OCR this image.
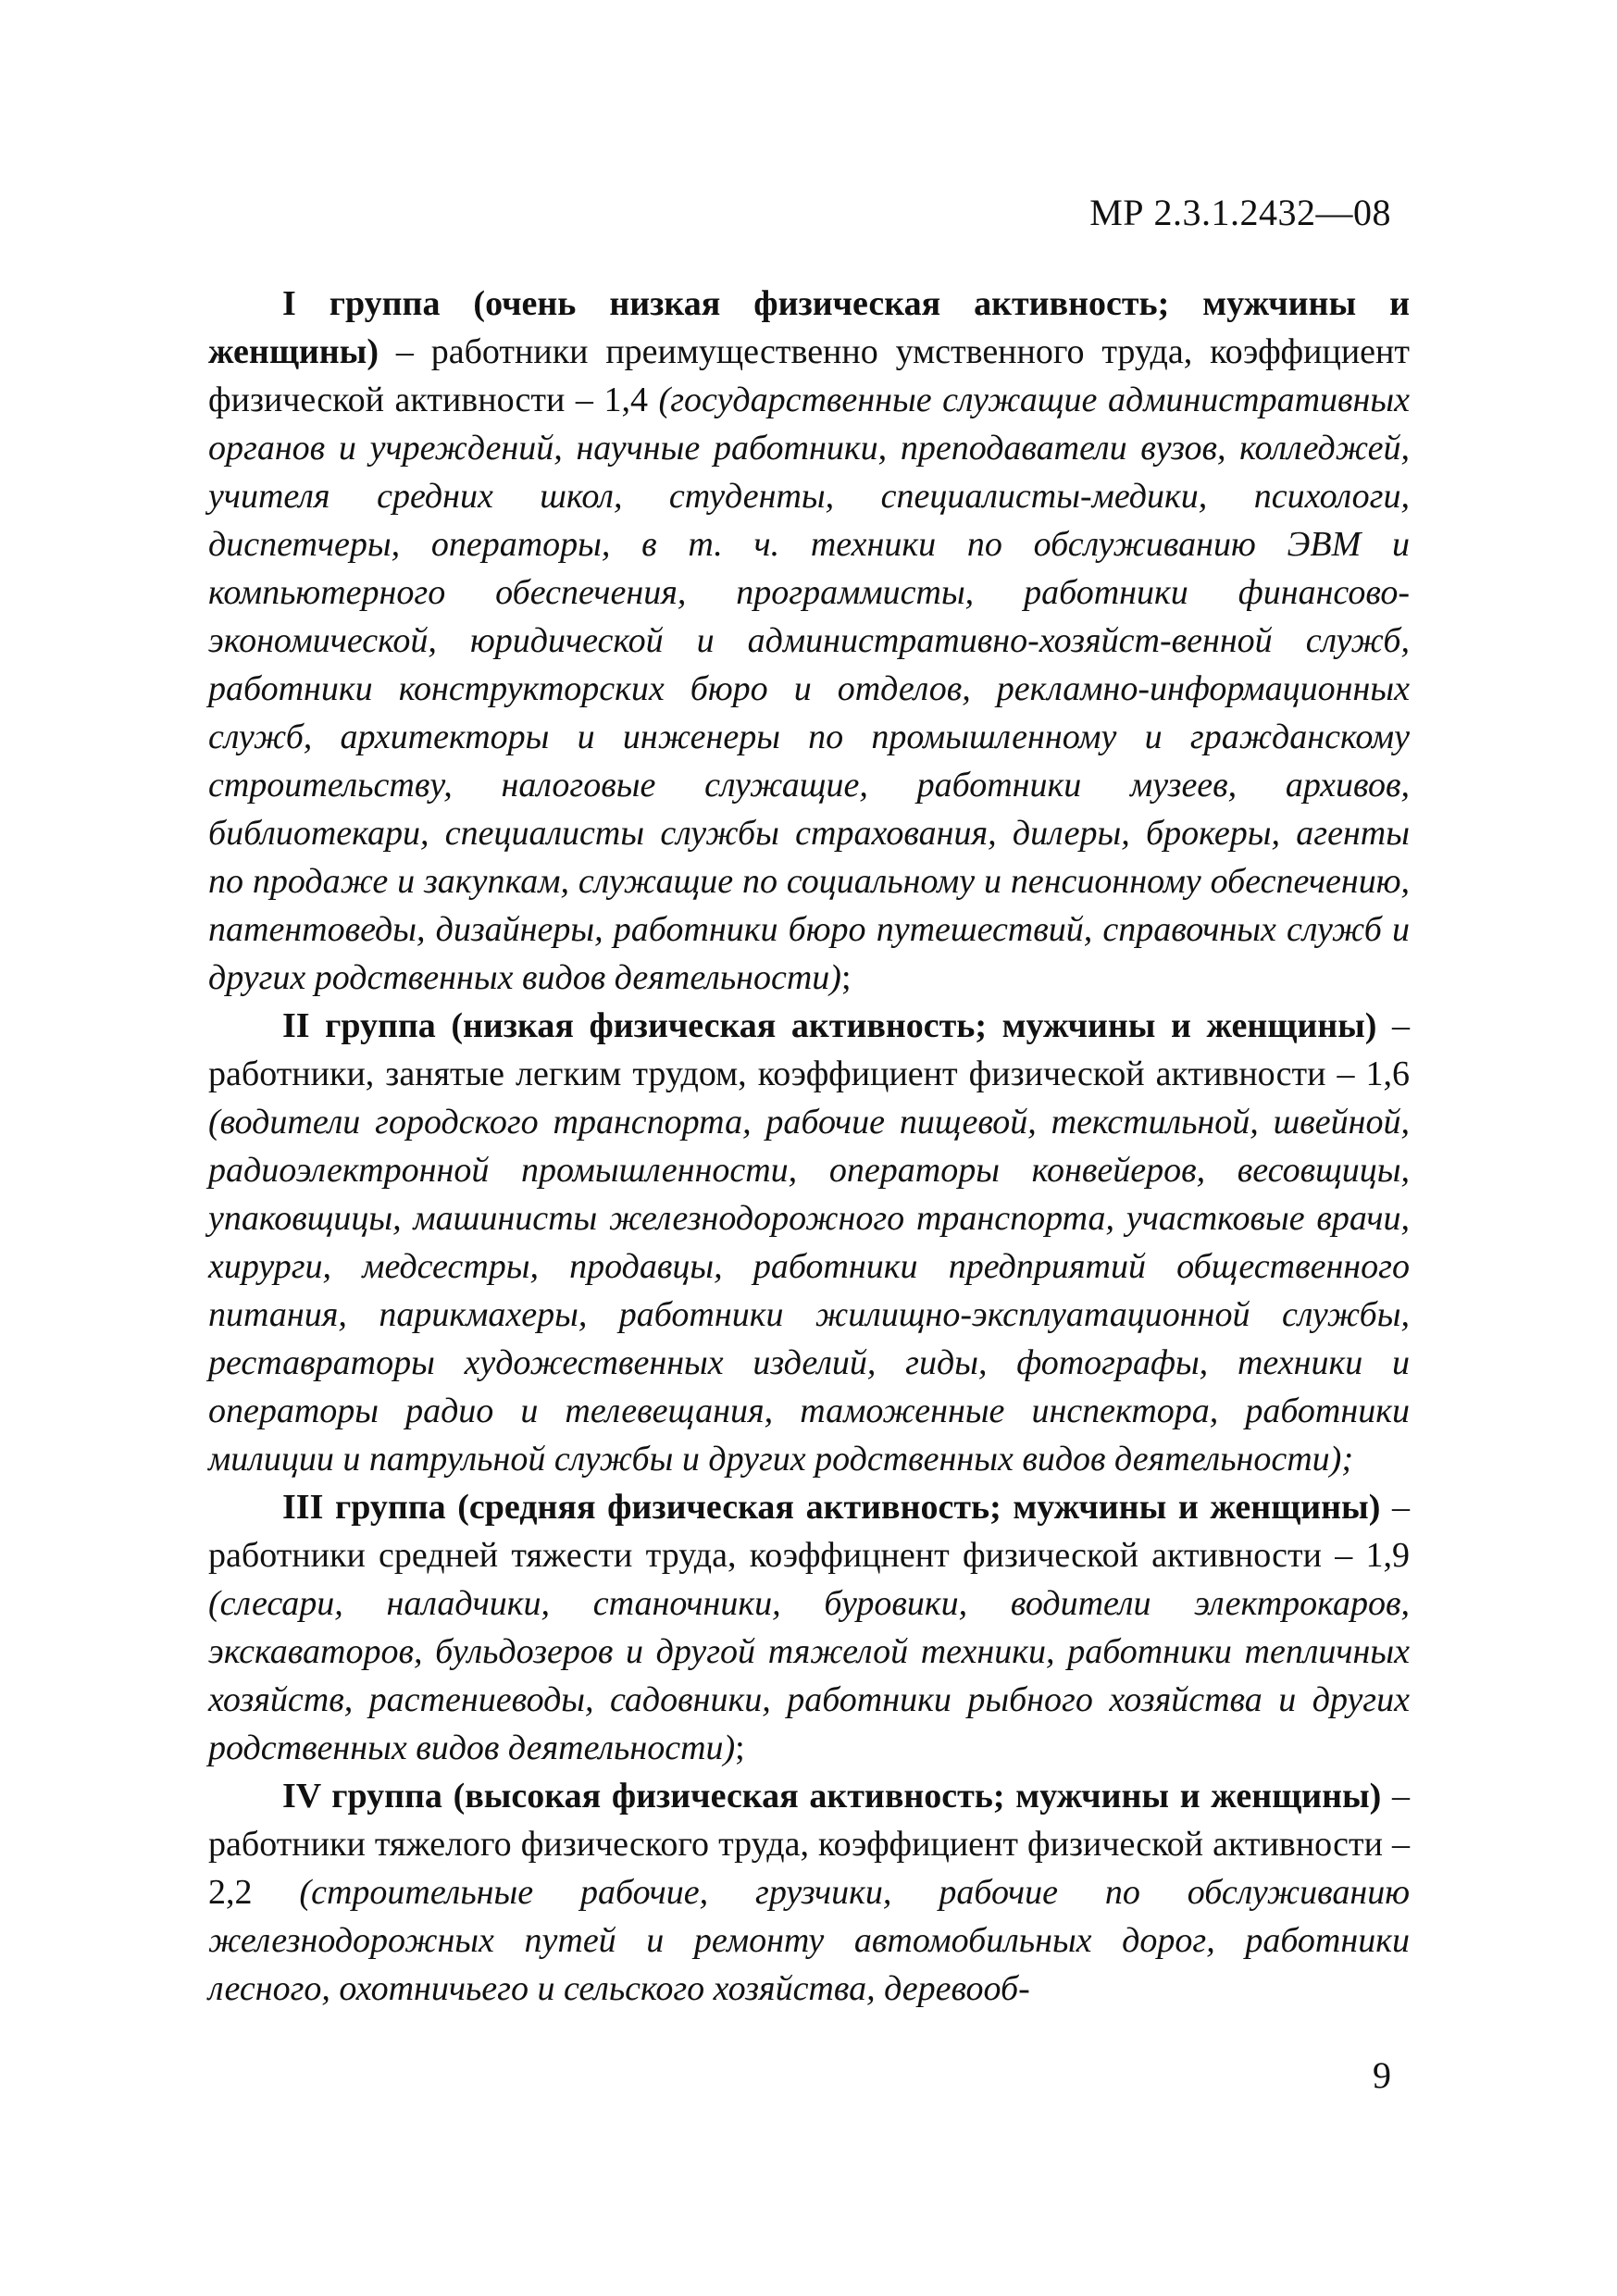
МР 2.3.1.2432—08

I группа (очень низкая физическая активность; мужчины и женщины) – работники преимущественно умственного труда, коэффициент физической активности – 1,4 (государственные служащие административных органов и учреждений, научные работники, преподаватели вузов, колледжей, учителя средних школ, студенты, специалисты-медики, психологи, диспетчеры, операторы, в т. ч. техники по обслуживанию ЭВМ и компьютерного обеспечения, программисты, работники финансово-экономической, юридической и административно-хозяйст-венной служб, работники конструкторских бюро и отделов, рекламно-информационных служб, архитекторы и инженеры по промышленному и гражданскому строительству, налоговые служащие, работники музеев, архивов, библиотекари, специалисты службы страхования, дилеры, брокеры, агенты по продаже и закупкам, служащие по социальному и пенсионному обеспечению, патентоведы, дизайнеры, работники бюро путешествий, справочных служб и других родственных видов деятельности);

II группа (низкая физическая активность; мужчины и женщины) – работники, занятые легким трудом, коэффициент физической активности – 1,6 (водители городского транспорта, рабочие пищевой, текстильной, швейной, радиоэлектронной промышленности, операторы конвейеров, весовщицы, упаковщицы, машинисты железнодорожного транспорта, участковые врачи, хирурги, медсестры, продавцы, работники предприятий общественного питания, парикмахеры, работники жилищно-эксплуатационной службы, реставраторы художественных изделий, гиды, фотографы, техники и операторы радио и телевещания, таможенные инспектора, работники милиции и патрульной службы и других родственных видов деятельности);

III группа (средняя физическая активность; мужчины и женщины) – работники средней тяжести труда, коэффицнент физической активности – 1,9 (слесари, наладчики, станочники, буровики, водители электрокаров, экскаваторов, бульдозеров и другой тяжелой техники, работники тепличных хозяйств, растениеводы, садовники, работники рыбного хозяйства и других родственных видов деятельности);

IV группа (высокая физическая активность; мужчины и женщины) – работники тяжелого физического труда, коэффициент физической активности – 2,2 (строительные рабочие, грузчики, рабочие по обслуживанию железнодорожных путей и ремонту автомобильных дорог, работники лесного, охотничьего и сельского хозяйства, деревооб-

9
